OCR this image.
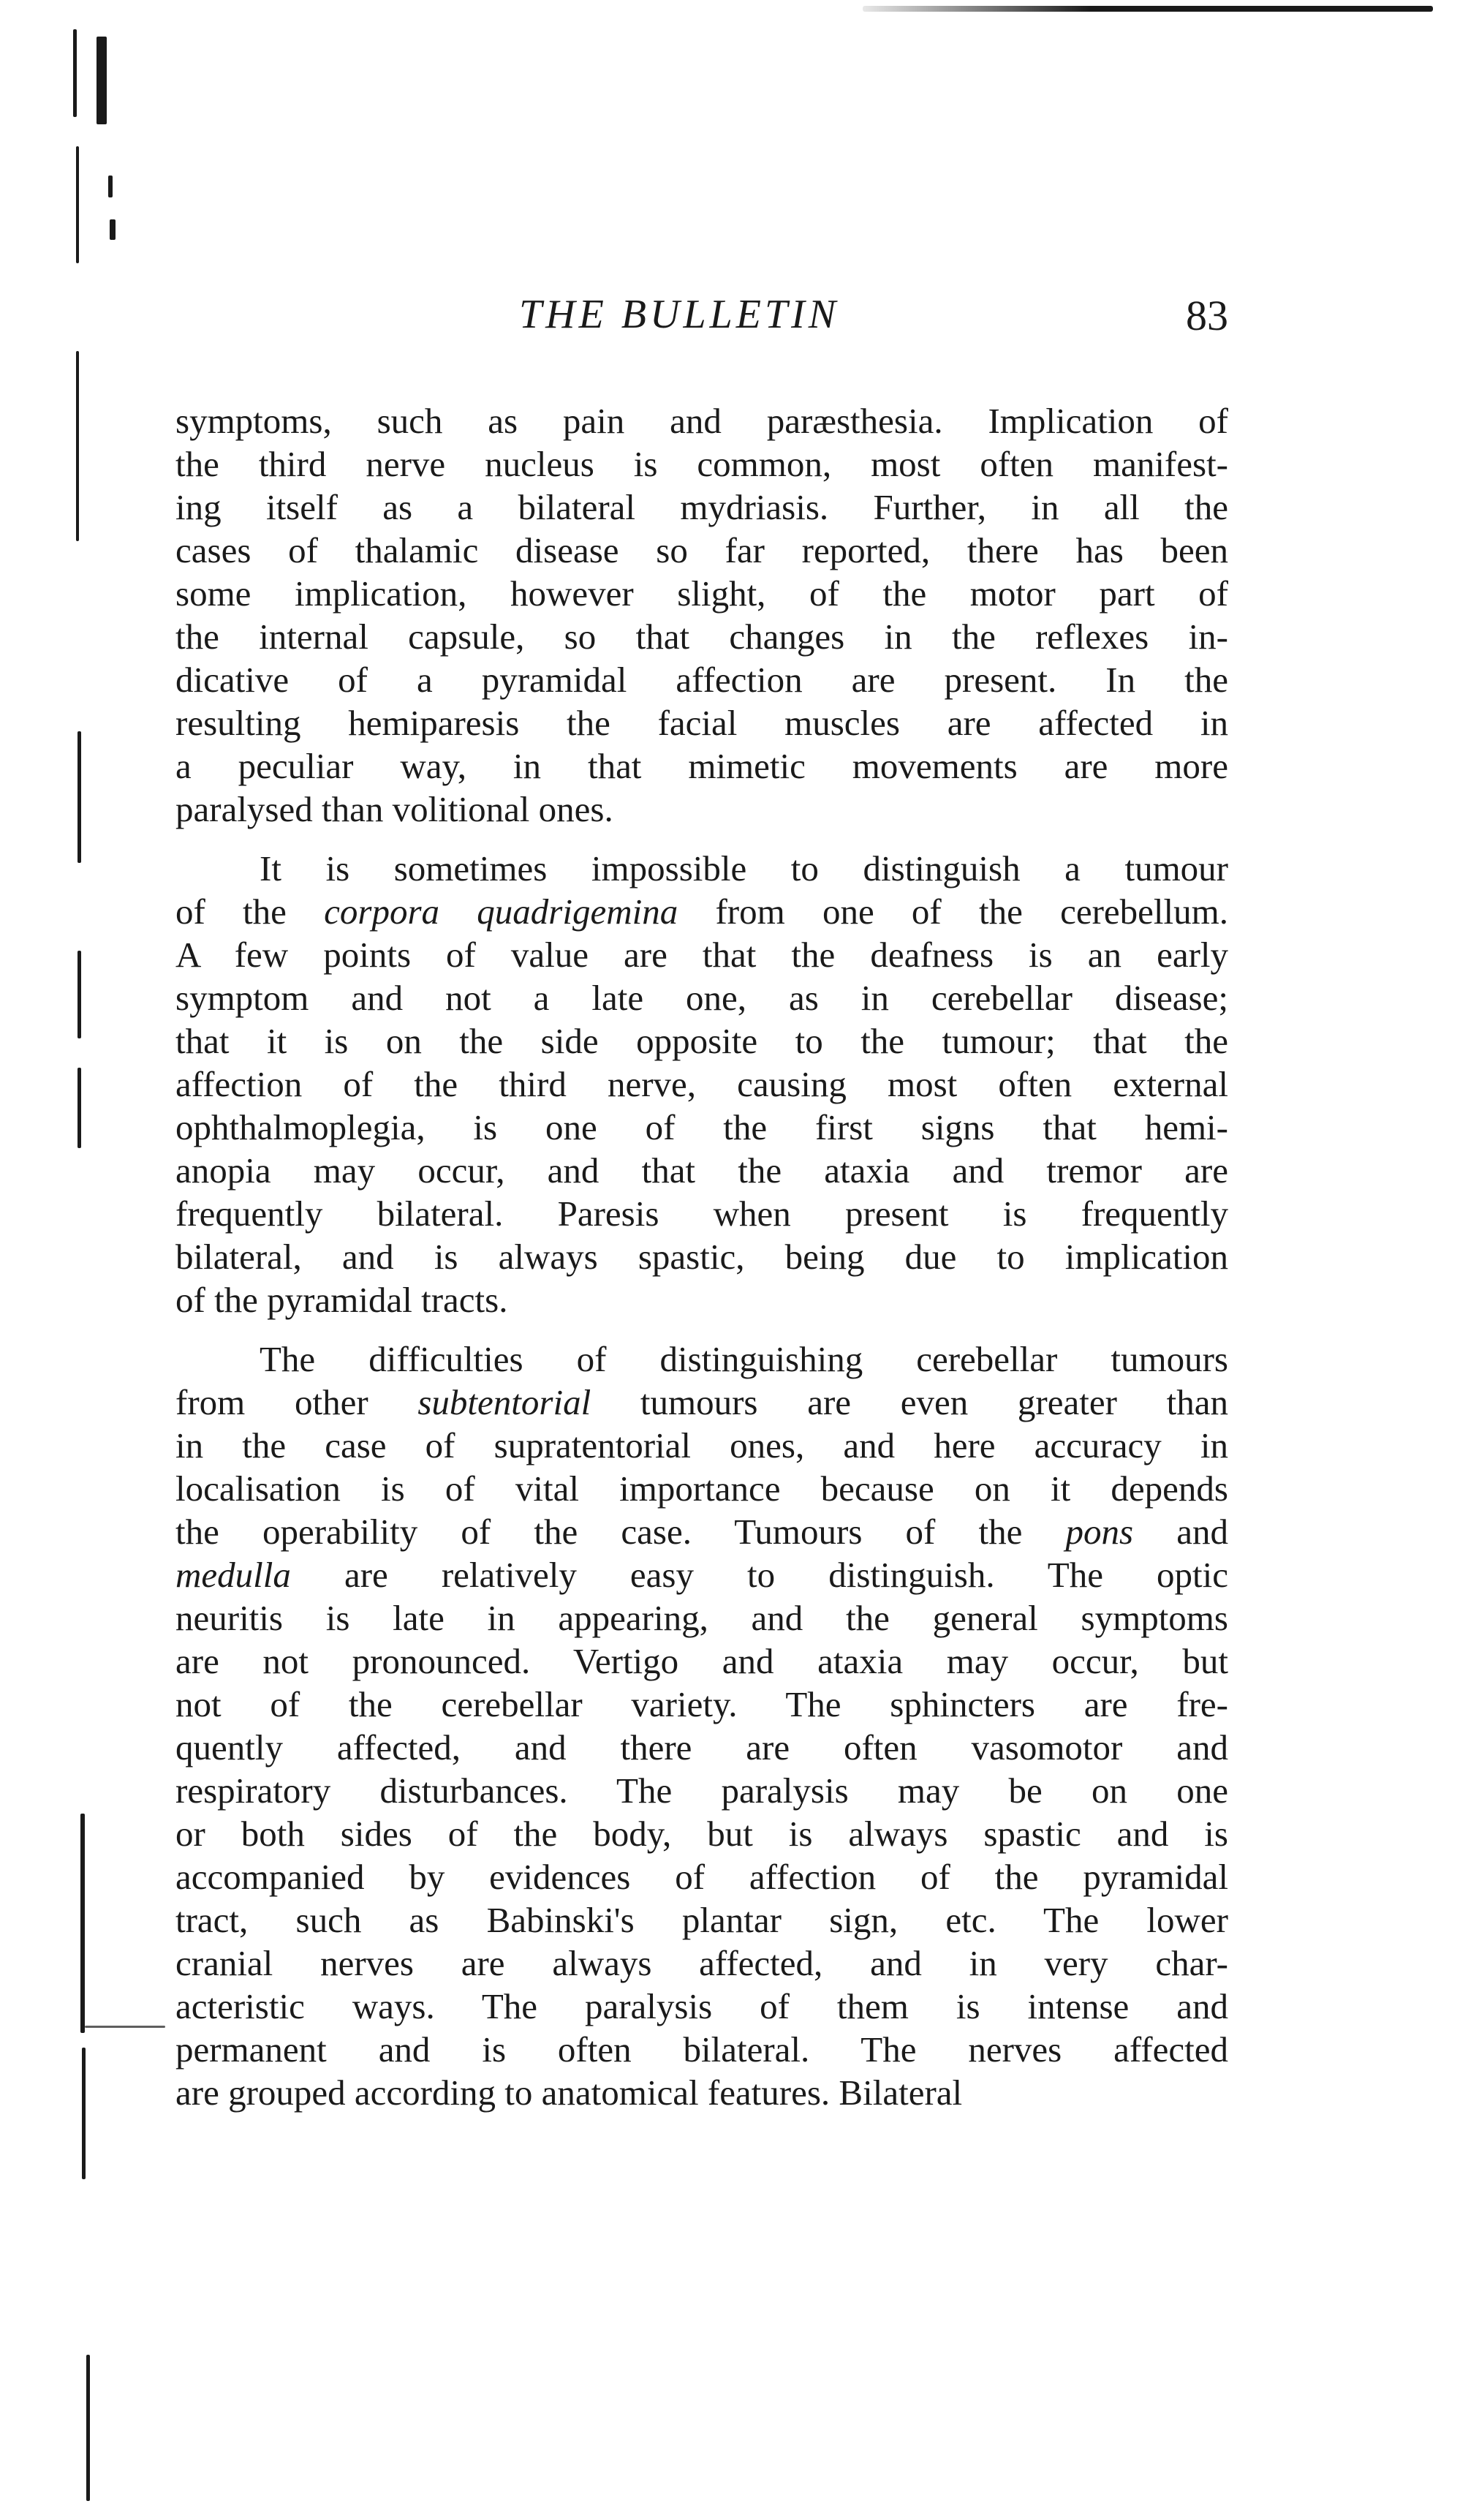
THE BULLETIN	83
symptoms, such as pain and paræsthesia. Implication of
the third nerve nucleus is common, most often manifest-
ing itself as a bilateral mydriasis. Further, in all the
cases of thalamic disease so far reported, there has been
some implication, however slight, of the motor part of
the internal capsule, so that changes in the reflexes in-
dicative of a pyramidal affection are present. In the
resulting hemiparesis the facial muscles are affected in
a peculiar way, in that mimetic movements are more
paralysed than volitional ones.
It is sometimes impossible to distinguish a tumour
of the corpora quadrigemina from one of the cerebellum.
A few points of value are that the deafness is an early
symptom and not a late one, as in cerebellar disease;
that it is on the side opposite to the tumour; that the
affection of the third nerve, causing most often external
ophthalmoplegia, is one of the first signs that hemi-
anopia may occur, and that the ataxia and tremor are
frequently bilateral. Paresis when present is frequently
bilateral, and is always spastic, being due to implication
of the pyramidal tracts.
The difficulties of distinguishing cerebellar tumours
from other subtentorial tumours are even greater than
in the case of supratentorial ones, and here accuracy in
localisation is of vital importance because on it depends
the operability of the case. Tumours of the pons and
medulla are relatively easy to distinguish. The optic
neuritis is late in appearing, and the general symptoms
are not pronounced. Vertigo and ataxia may occur, but
not of the cerebellar variety. The sphincters are fre-
quently affected, and there are often vasomotor and
respiratory disturbances. The paralysis may be on one
or both sides of the body, but is always spastic and is
accompanied by evidences of affection of the pyramidal
tract, such as Babinski's plantar sign, etc. The lower
cranial nerves are always affected, and in very char-
acteristic ways. The paralysis of them is intense and
permanent and is often bilateral. The nerves affected
are grouped according to anatomical features. Bilateral
